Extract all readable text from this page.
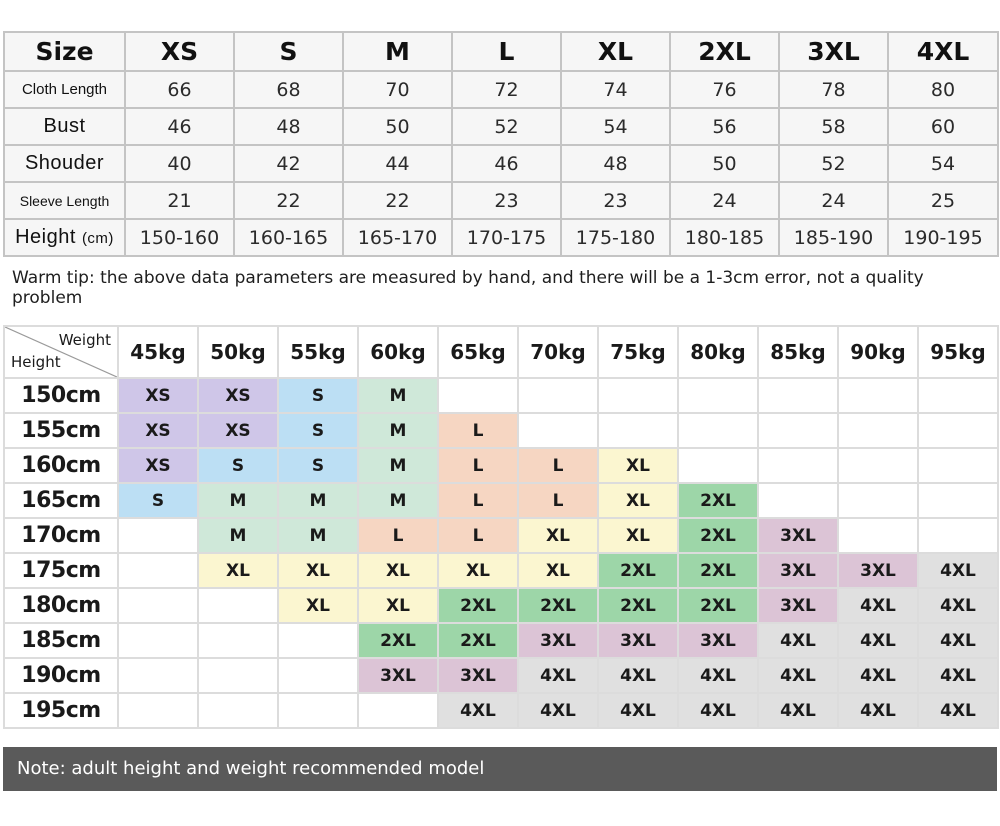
Size	XS	S	M	L	XL	2XL	3XL	4XL
Cloth Length	66	68	70	72	74	76	78	80
Bust	46	48	50	52	54	56	58	60
Shouder	40	42	44	46	48	50	52	54
Sleeve Length	21	22	22	23	23	24	24	25
Height (cm)	150-160	160-165	165-170	170-175	175-180	180-185	185-190	190-195
Warm tip: the above data parameters are measured by hand, and there will be a 1-3cm error, not a quality problem
Weight
Height	45kg	50kg	55kg	60kg	65kg	70kg	75kg	80kg	85kg	90kg	95kg
150cm	XS	XS	S	M							
155cm	XS	XS	S	M	L						
160cm	XS	S	S	M	L	L	XL				
165cm	S	M	M	M	L	L	XL	2XL			
170cm		M	M	L	L	XL	XL	2XL	3XL		
175cm		XL	XL	XL	XL	XL	2XL	2XL	3XL	3XL	4XL
180cm			XL	XL	2XL	2XL	2XL	2XL	3XL	4XL	4XL
185cm				2XL	2XL	3XL	3XL	3XL	4XL	4XL	4XL
190cm				3XL	3XL	4XL	4XL	4XL	4XL	4XL	4XL
195cm					4XL	4XL	4XL	4XL	4XL	4XL	4XL
Note: adult height and weight recommended model
